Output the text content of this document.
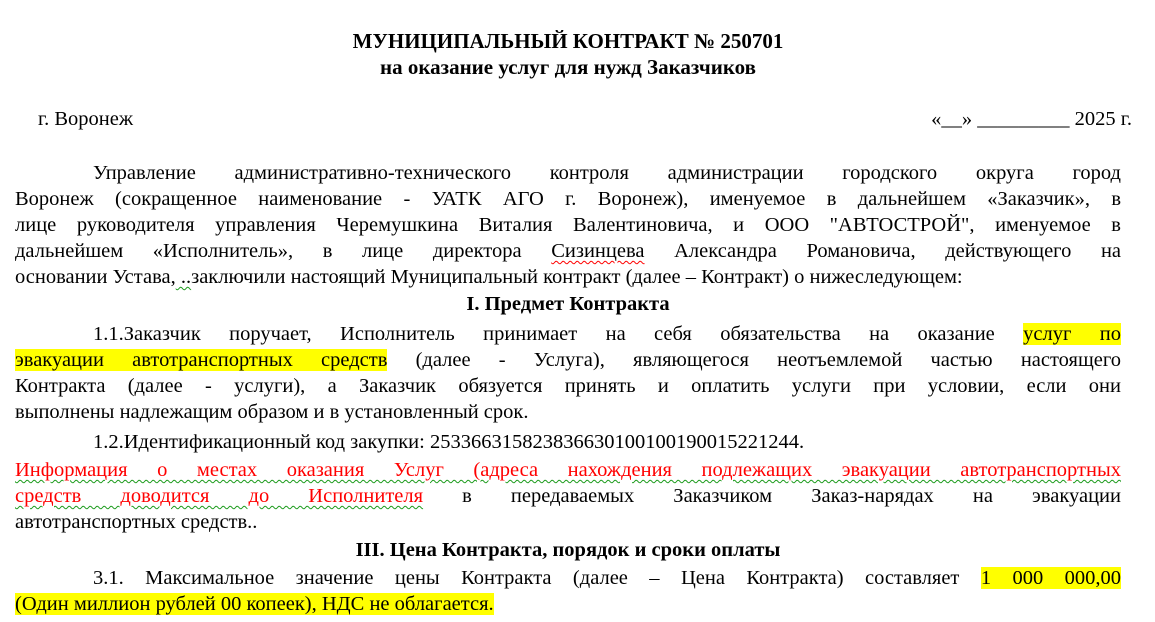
МУНИЦИПАЛЬНЫЙ КОНТРАКТ № 250701
на оказание услуг для нужд Заказчиков
г. Воронеж	«__» _________ 2025 г.
Управление административно-технического контроля администрации городского округа город
Воронеж (сокращенное наименование - УАТК АГО г. Воронеж), именуемое в дальнейшем «Заказчик», в
лице руководителя управления Черемушкина Виталия Валентиновича, и ООО "АВТОСТРОЙ", именуемое в
дальнейшем «Исполнитель», в лице директора Сизинцева Александра Романовича, действующего на
основании Устава, ..заключили настоящий Муниципальный контракт (далее – Контракт) о нижеследующем:
I. Предмет Контракта
1.1.Заказчик поручает, Исполнитель принимает на себя обязательства на оказание услуг по
эвакуации автотранспортных средств (далее - Услуга), являющегося неотъемлемой частью настоящего
Контракта (далее - услуги), а Заказчик обязуется принять и оплатить услуги при условии, если они
выполнены надлежащим образом и в установленный срок.
1.2.Идентификационный код закупки: 253366315823836630100100190015221244.
Информация о местах оказания Услуг (адреса нахождения подлежащих эвакуации автотранспортных
средств доводится до Исполнителя в передаваемых Заказчиком Заказ-нарядах на эвакуации
автотранспортных средств..
III. Цена Контракта, порядок и сроки оплаты
3.1. Максимальное значение цены Контракта (далее – Цена Контракта) составляет 1 000 000,00
(Один миллион рублей 00 копеек), НДС не облагается.
